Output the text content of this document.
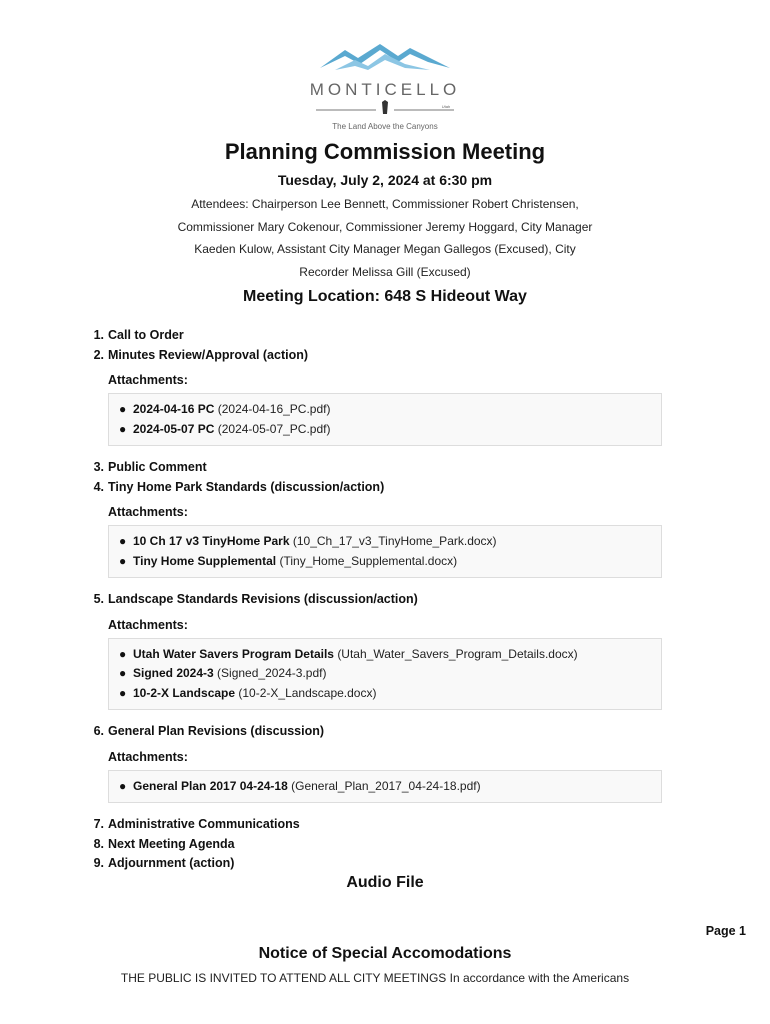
MONTICELLO
Utah
The Land Above the Canyons
Planning Commission Meeting

Tuesday, July 2, 2024 at 6:30 pm

Attendees: Chairperson Lee Bennett, Commissioner Robert Christensen, Commissioner Mary Cokenour, Commissioner Jeremy Hoggard, City Manager Kaeden Kulow, Assistant City Manager Megan Gallegos (Excused), City Recorder Melissa Gill (Excused)

Meeting Location: 648 S Hideout Way

1. Call to Order
2. Minutes Review/Approval (action)
Attachments:
● 2024-04-16 PC (2024-04-16_PC.pdf)
● 2024-05-07 PC (2024-05-07_PC.pdf)
3. Public Comment
4. Tiny Home Park Standards (discussion/action)
Attachments:
● 10 Ch 17 v3 TinyHome Park (10_Ch_17_v3_TinyHome_Park.docx)
● Tiny Home Supplemental (Tiny_Home_Supplemental.docx)
5. Landscape Standards Revisions (discussion/action)
Attachments:
● Utah Water Savers Program Details (Utah_Water_Savers_Program_Details.docx)
● Signed 2024-3 (Signed_2024-3.pdf)
● 10-2-X Landscape (10-2-X_Landscape.docx)
6. General Plan Revisions (discussion)
Attachments:
● General Plan 2017 04-24-18 (General_Plan_2017_04-24-18.pdf)
7. Administrative Communications
8. Next Meeting Agenda
9. Adjournment (action)

Audio File

Page 1

Notice of Special Accomodations

THE PUBLIC IS INVITED TO ATTEND ALL CITY MEETINGS In accordance with the Americans
